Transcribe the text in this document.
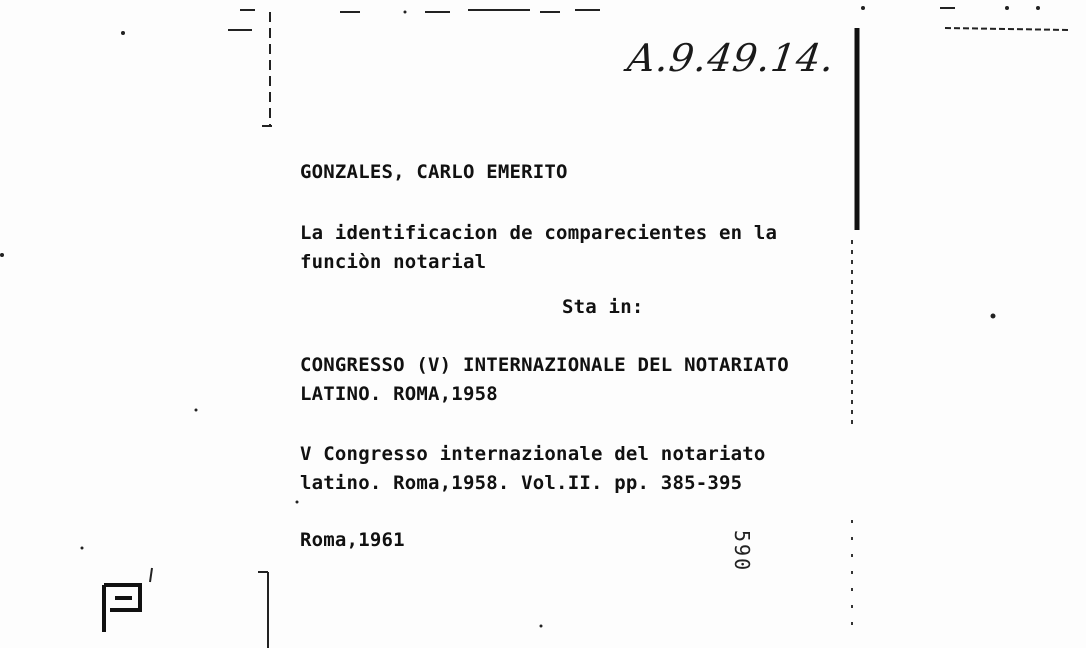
A.9.49.14.
GONZALES, CARLO EMERITO
La identificacion de comparecientes en la
funciòn notarial
Sta in:
CONGRESSO (V) INTERNAZIONALE DEL NOTARIATO
LATINO. ROMA,1958
V Congresso internazionale del notariato
latino. Roma,1958. Vol.II. pp. 385-395
Roma,1961	590
